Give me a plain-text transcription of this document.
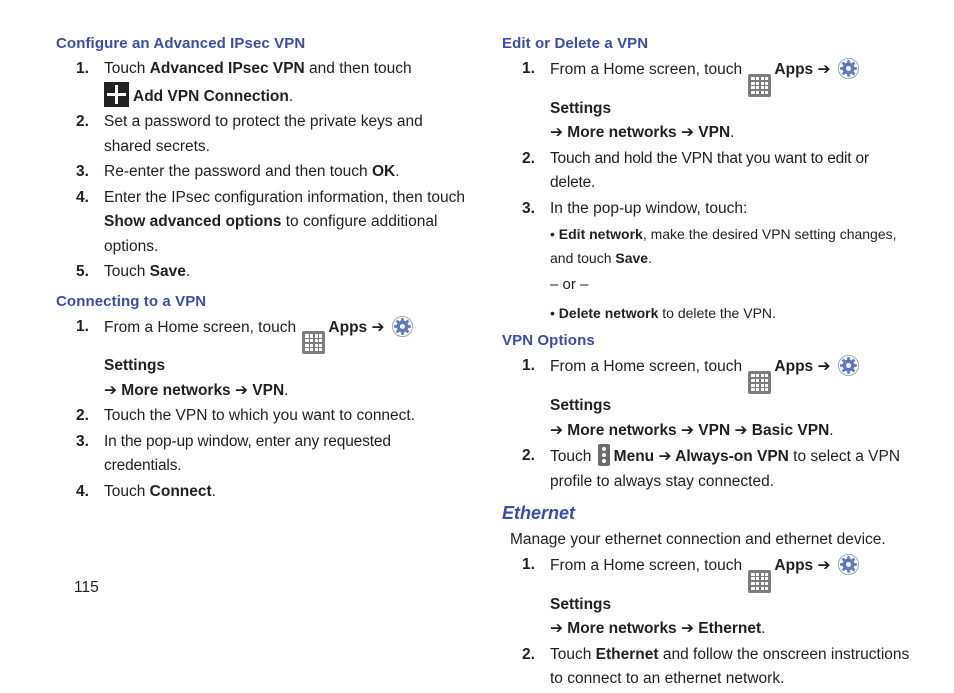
Configure an Advanced IPsec VPN
1. Touch Advanced IPsec VPN and then touch
Add VPN Connection.
2. Set a password to protect the private keys and shared secrets.
3. Re-enter the password and then touch OK.
4. Enter the IPsec configuration information, then touch Show advanced options to configure additional options.
5. Touch Save.
Connecting to a VPN
1. From a Home screen, touch
Apps ➔ Settings
➔ More networks ➔ VPN.
2. Touch the VPN to which you want to connect.
3. In the pop-up window, enter any requested credentials.
4. Touch Connect.
Edit or Delete a VPN
1. From a Home screen, touch
Apps ➔ Settings
➔ More networks ➔ VPN.
2. Touch and hold the VPN that you want to edit or delete.
3. In the pop-up window, touch:
• Edit network, make the desired VPN setting changes, and touch Save.
– or –
• Delete network to delete the VPN.
VPN Options
1. From a Home screen, touch
Apps ➔ Settings
➔ More networks ➔ VPN ➔ Basic VPN.
2. Touch
Menu ➔ Always-on VPN to select a VPN profile to always stay connected.
Ethernet
Manage your ethernet connection and ethernet device.
1. From a Home screen, touch
Apps ➔ Settings
➔ More networks ➔ Ethernet.
2. Touch Ethernet and follow the onscreen instructions to connect to an ethernet network.
115
